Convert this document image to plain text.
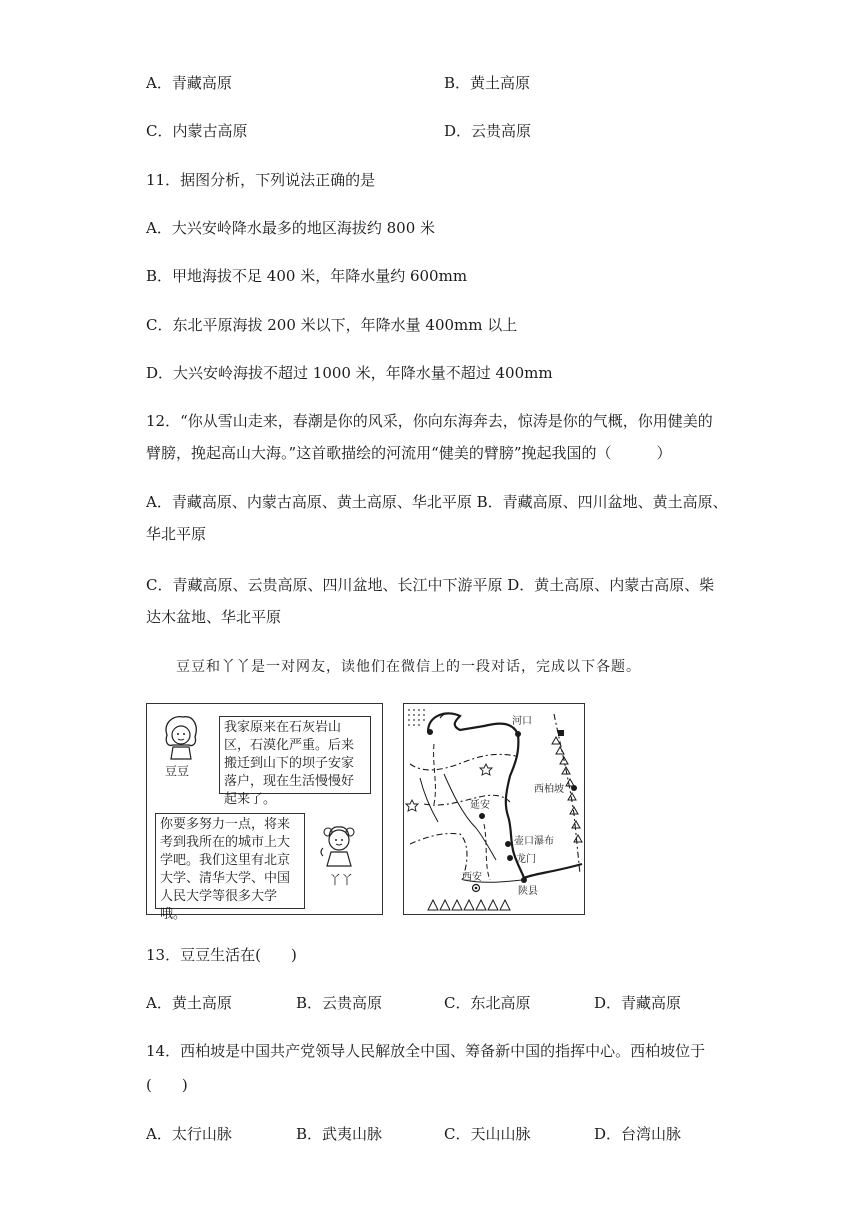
A．青藏高原	B．黄土高原
C．内蒙古高原	D．云贵高原
11．据图分析，下列说法正确的是
A．大兴安岭降水最多的地区海拔约 800 米
B．甲地海拔不足 400 米，年降水量约 600mm
C．东北平原海拔 200 米以下，年降水量 400mm 以上
D．大兴安岭海拔不超过 1000 米，年降水量不超过 400mm
12．“你从雪山走来，春潮是你的风采，你向东海奔去，惊涛是你的气概，你用健美的
臂膀，挽起高山大海。”这首歌描绘的河流用“健美的臂膀”挽起我国的（　　　）
A．青藏高原、内蒙古高原、黄土高原、华北平原 B．青藏高原、四川盆地、黄土高原、
华北平原
C．青藏高原、云贵高原、四川盆地、长江中下游平原 D．黄土高原、内蒙古高原、柴
达木盆地、华北平原
豆豆和丫丫是一对网友，读他们在微信上的一段对话，完成以下各题。
豆豆
我家原来在石灰岩山区，石漠化严重。后来搬迁到山下的坝子安家落户，现在生活慢慢好起来了。
你要多努力一点，将来考到我所在的城市上大学吧。我们这里有北京大学、清华大学、中国人民大学等很多大学哦。
丫丫
河口
西柏坡
延安
壶口瀑布
龙门
西安
陕县
13．豆豆生活在(　　)
A．黄土高原	B．云贵高原	C．东北高原	D．青藏高原
14．西柏坡是中国共产党领导人民解放全中国、筹备新中国的指挥中心。西柏坡位于
(　　)
A．太行山脉	B．武夷山脉	C．天山山脉	D．台湾山脉
